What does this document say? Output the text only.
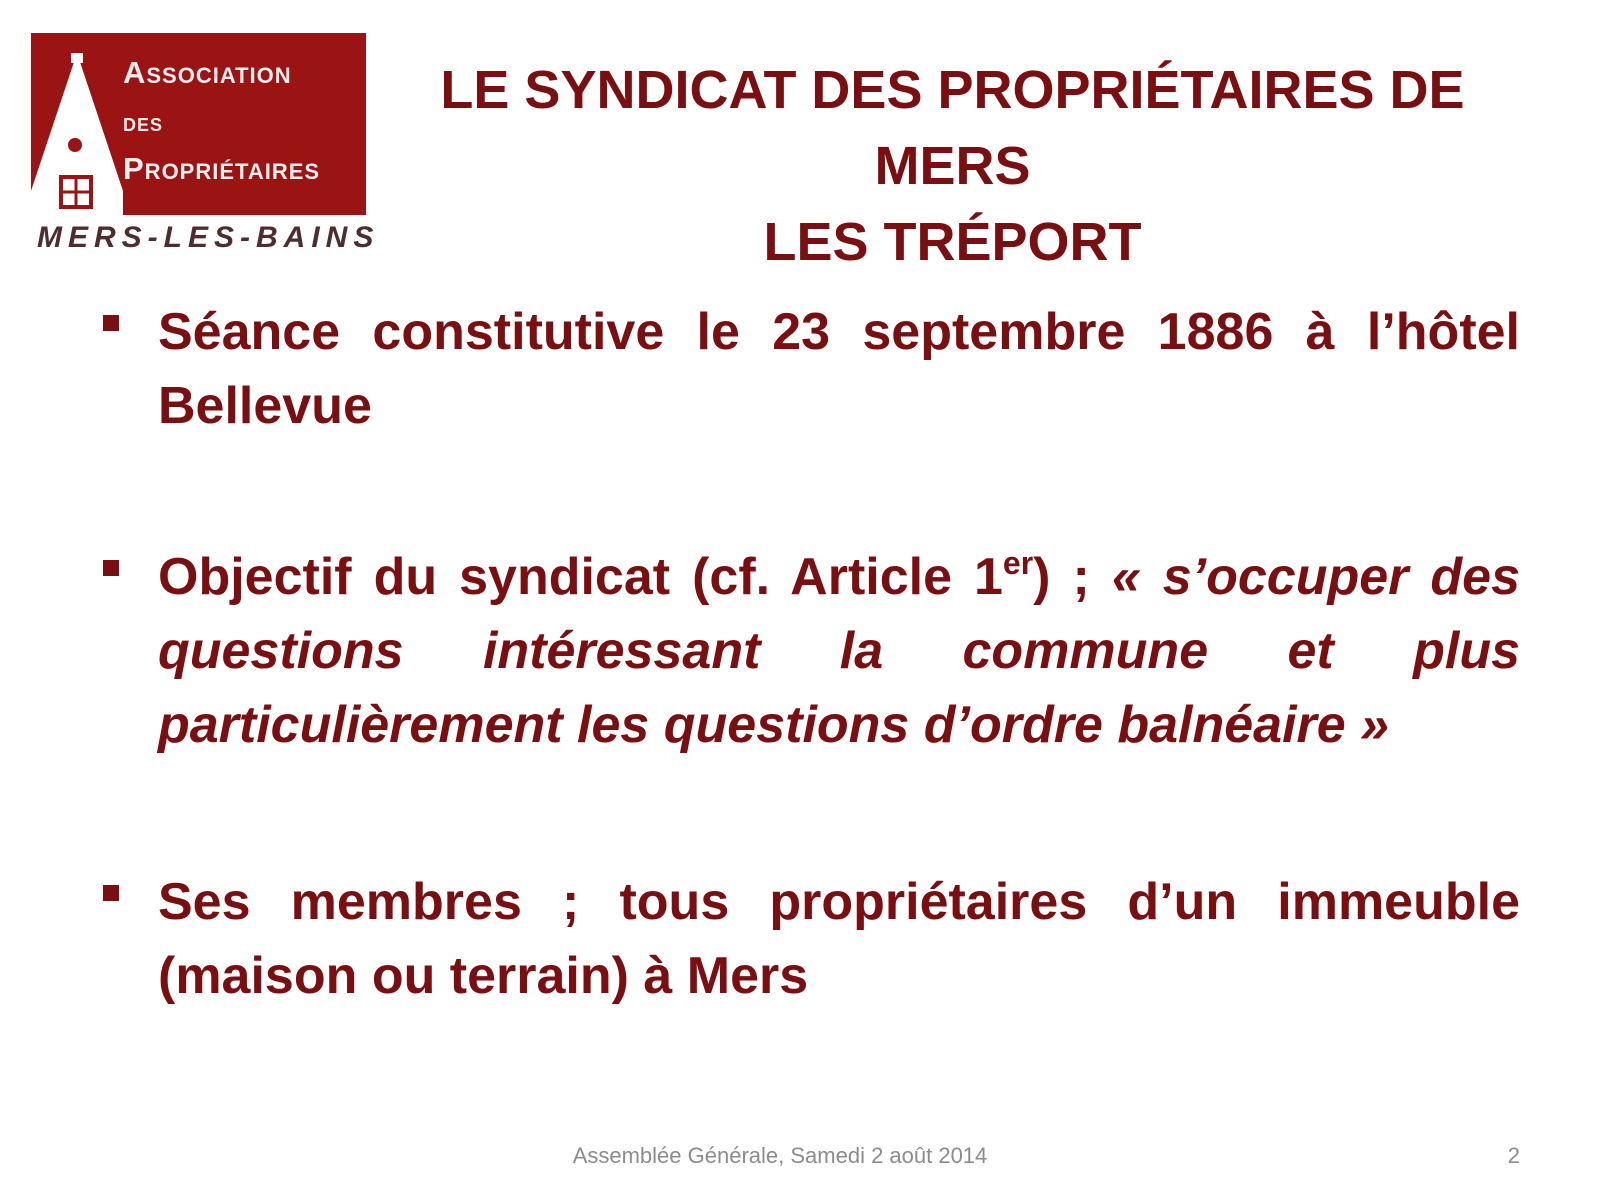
Association
des
Propriétaires
MERS-LES-BAINS
LE SYNDICAT DES PROPRIÉTAIRES DE MERS
LES TRÉPORT
Séance constitutive le 23 septembre 1886 à l’hôtel Bellevue
Objectif du syndicat (cf. Article 1er) ; « s’occuper des questions intéressant la commune et plus particulièrement les questions d’ordre balnéaire »
Ses membres ; tous propriétaires d’un immeuble (maison ou terrain) à Mers
Assemblée Générale, Samedi 2 août 2014	2
